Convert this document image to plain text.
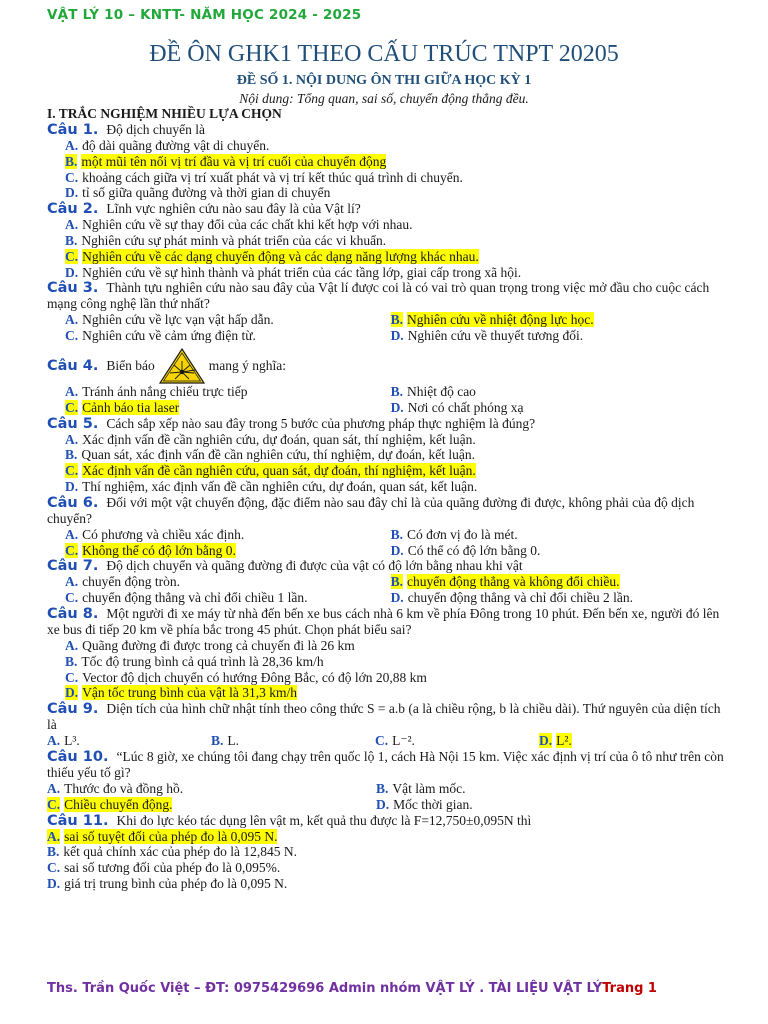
VẬT LÝ 10 – KNTT- NĂM HỌC 2024 - 2025
ĐỀ ÔN GHK1 THEO CẤU TRÚC TNPT 20205
ĐỀ SỐ 1. NỘI DUNG ÔN THI GIỮA HỌC KỲ 1
Nội dung: Tổng quan, sai số, chuyển động thẳng đều.
I. TRẮC NGHIỆM NHIỀU LỰA CHỌN
Câu 1. Độ dịch chuyển là
A. độ dài quãng đường vật di chuyển.
B. một mũi tên nối vị trí đầu và vị trí cuối của chuyển động
C. khoảng cách giữa vị trí xuất phát và vị trí kết thúc quá trình di chuyển.
D. tỉ số giữa quãng đường và thời gian di chuyển
Câu 2. Lĩnh vực nghiên cứu nào sau đây là của Vật lí?
A. Nghiên cứu về sự thay đổi của các chất khi kết hợp với nhau.
B. Nghiên cứu sự phát minh và phát triển của các vi khuẩn.
C. Nghiên cứu về các dạng chuyển động và các dạng năng lượng khác nhau.
D. Nghiên cứu về sự hình thành và phát triển của các tầng lớp, giai cấp trong xã hội.
Câu 3. Thành tựu nghiên cứu nào sau đây của Vật lí được coi là có vai trò quan trọng trong việc mở đầu cho cuộc cách mạng công nghệ lần thứ nhất?
A. Nghiên cứu về lực vạn vật hấp dẫn.	B. Nghiên cứu về nhiệt động lực học.
C. Nghiên cứu về cảm ứng điện từ.	D. Nghiên cứu về thuyết tương đối.
Câu 4. Biển báo	mang ý nghĩa:
A. Tránh ánh nắng chiếu trực tiếp	B. Nhiệt độ cao
C. Cảnh báo tia laser	D. Nơi có chất phóng xạ
Câu 5. Cách sắp xếp nào sau đây trong 5 bước của phương pháp thực nghiệm là đúng?
A. Xác định vấn đề cần nghiên cứu, dự đoán, quan sát, thí nghiệm, kết luận.
B. Quan sát, xác định vấn đề cần nghiên cứu, thí nghiệm, dự đoán, kết luận.
C. Xác định vấn đề cần nghiên cứu, quan sát, dự đoán, thí nghiệm, kết luận.
D. Thí nghiệm, xác định vấn đề cần nghiên cứu, dự đoán, quan sát, kết luận.
Câu 6. Đối với một vật chuyển động, đặc điểm nào sau đây chỉ là của quãng đường đi được, không phải của độ dịch chuyển?
A. Có phương và chiều xác định.	B. Có đơn vị đo là mét.
C. Không thể có độ lớn bằng 0.	D. Có thể có độ lớn bằng 0.
Câu 7. Độ dịch chuyển và quãng đường đi được của vật có độ lớn bằng nhau khi vật
A. chuyển động tròn.	B. chuyển động thẳng và không đổi chiều.
C. chuyển động thẳng và chỉ đổi chiều 1 lần.	D. chuyển động thẳng và chỉ đổi chiều 2 lần.
Câu 8. Một người đi xe máy từ nhà đến bến xe bus cách nhà 6 km về phía Đông trong 10 phút. Đến bến xe, người đó lên xe bus đi tiếp 20 km về phía bắc trong 45 phút. Chọn phát biểu sai?
A. Quãng đường đi được trong cả chuyến đi là 26 km
B. Tốc độ trung bình cả quá trình là 28,36 km/h
C. Vector độ dịch chuyển có hướng Đông Bắc, có độ lớn 20,88 km
D. Vận tốc trung bình của vật là 31,3 km/h
Câu 9. Diện tích của hình chữ nhật tính theo công thức S = a.b (a là chiều rộng, b là chiều dài). Thứ nguyên của diện tích là
A. L³.	B. L.	C. L⁻².	D. L².
Câu 10. “Lúc 8 giờ, xe chúng tôi đang chạy trên quốc lộ 1, cách Hà Nội 15 km. Việc xác định vị trí của ô tô như trên còn thiếu yếu tố gì?
A. Thước đo và đồng hồ.	B. Vật làm mốc.
C. Chiều chuyển động.	D. Mốc thời gian.
Câu 11. Khi đo lực kéo tác dụng lên vật m, kết quả thu được là F=12,750±0,095N thì
A. sai số tuyệt đối của phép đo là 0,095 N.
B. kết quả chính xác của phép đo là 12,845 N.
C. sai số tương đối của phép đo là 0,095%.
D. giá trị trung bình của phép đo là 0,095 N.
Ths. Trần Quốc Việt – ĐT: 0975429696 Admin nhóm VẬT LÝ . TÀI LIỆU VẬT LÝTrang 1
